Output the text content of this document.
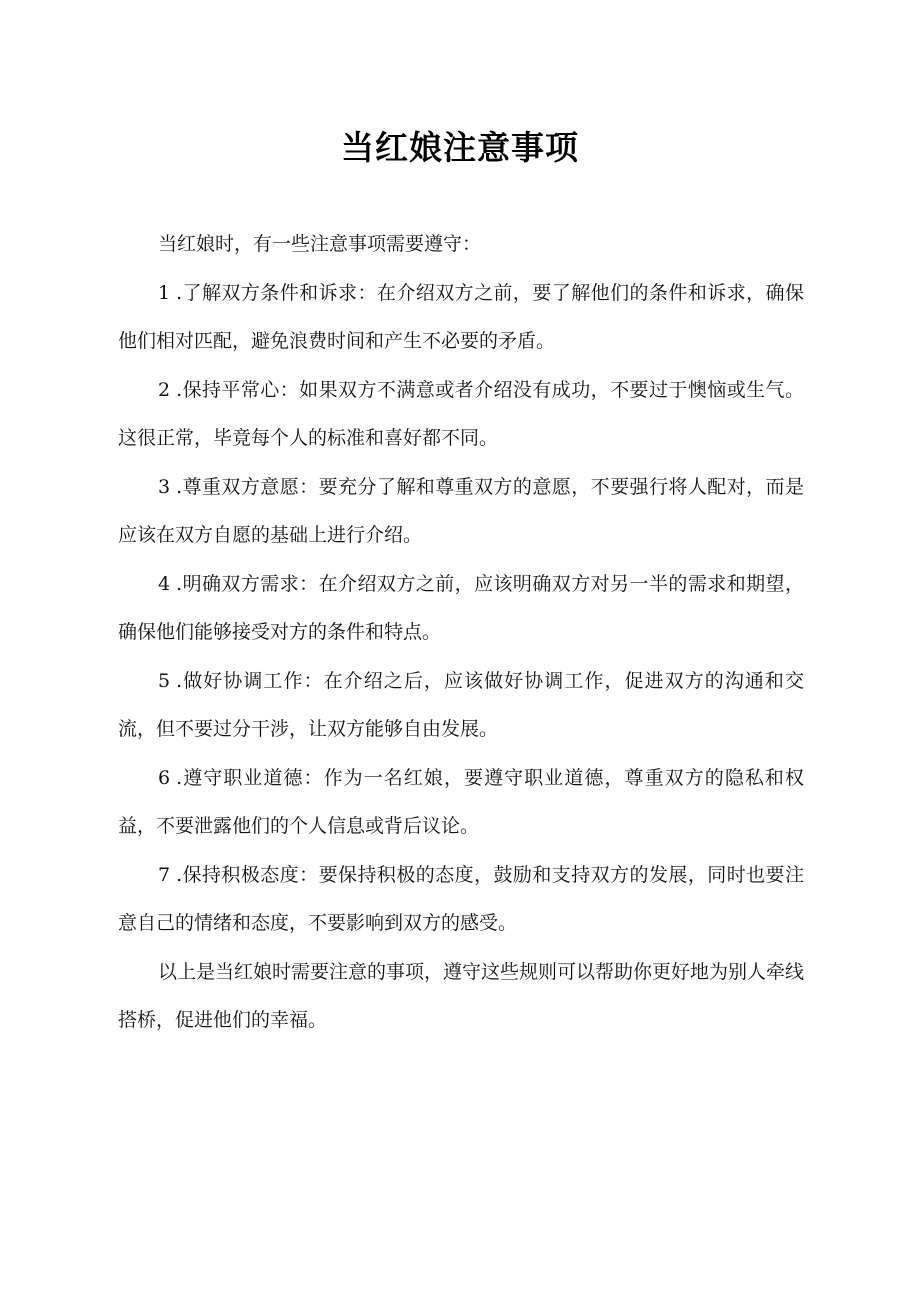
当红娘注意事项

当红娘时，有一些注意事项需要遵守：

1 .了解双方条件和诉求：在介绍双方之前，要了解他们的条件和诉求，确保他们相对匹配，避免浪费时间和产生不必要的矛盾。

2 .保持平常心：如果双方不满意或者介绍没有成功，不要过于懊恼或生气。这很正常，毕竟每个人的标准和喜好都不同。

3 .尊重双方意愿：要充分了解和尊重双方的意愿，不要强行将人配对，而是应该在双方自愿的基础上进行介绍。

4 .明确双方需求：在介绍双方之前，应该明确双方对另一半的需求和期望，确保他们能够接受对方的条件和特点。

5 .做好协调工作：在介绍之后，应该做好协调工作，促进双方的沟通和交流，但不要过分干涉，让双方能够自由发展。

6 .遵守职业道德：作为一名红娘，要遵守职业道德，尊重双方的隐私和权益，不要泄露他们的个人信息或背后议论。

7 .保持积极态度：要保持积极的态度，鼓励和支持双方的发展，同时也要注意自己的情绪和态度，不要影响到双方的感受。

以上是当红娘时需要注意的事项，遵守这些规则可以帮助你更好地为别人牵线搭桥，促进他们的幸福。
